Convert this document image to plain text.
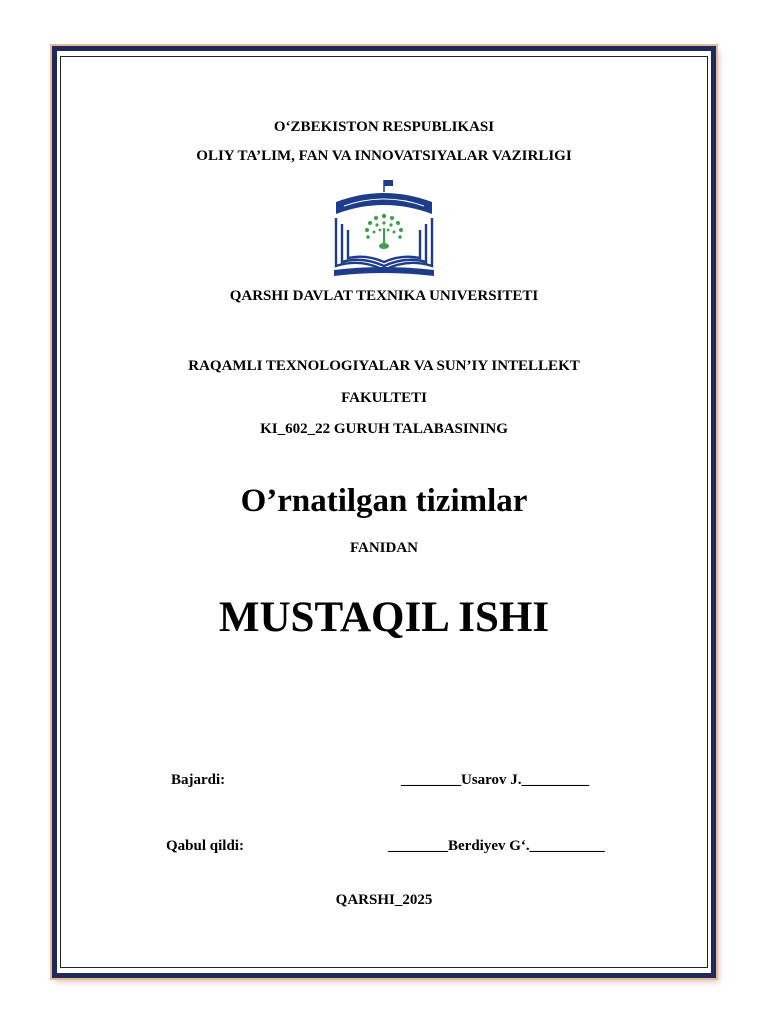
O‘ZBEKISTON RESPUBLIKASI
OLIY TA’LIM, FAN VA INNOVATSIYALAR VAZIRLIGI
QARSHI DAVLAT TEXNIKA UNIVERSITETI
RAQAMLI TEXNOLOGIYALAR VA SUN’IY INTELLEKT
FAKULTETI
KI_602_22 GURUH TALABASINING
O’rnatilgan tizimlar
FANIDAN
MUSTAQIL ISHI
Bajardi:	________Usarov J._________
Qabul qildi:	________Berdiyev G‘.__________
QARSHI_2025
